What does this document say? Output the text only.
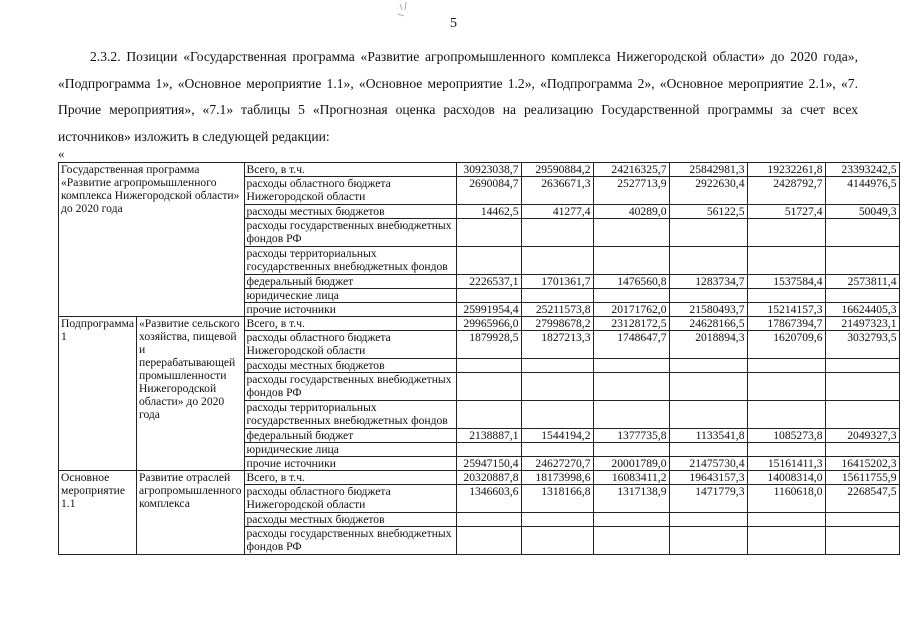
5
2.3.2. Позиции «Государственная программа «Развитие агропромышленного комплекса Нижегородской области» до 2020 года», «Подпрограмма 1», «Основное мероприятие 1.1», «Основное мероприятие 1.2», «Подпрограмма 2», «Основное мероприятие 2.1», «7. Прочие мероприятия», «7.1» таблицы 5 «Прогнозная оценка расходов на реализацию Государственной программы за счет всех источников» изложить в следующей редакции:
«
Государственная программа «Развитие агропромышленного комплекса Нижегородской области» до 2020 года		Всего, в т.ч.	30923038,7	29590884,2	24216325,7	25842981,3	19232261,8	23393242,5
		расходы областного бюджета Нижегородской области	2690084,7	2636671,3	2527713,9	2922630,4	2428792,7	4144976,5
		расходы местных бюджетов	14462,5	41277,4	40289,0	56122,5	51727,4	50049,3
		расходы государственных внебюджетных фондов РФ						
		расходы территориальных государственных внебюджетных фондов						
		федеральный бюджет	2226537,1	1701361,7	1476560,8	1283734,7	1537584,4	2573811,4
		юридические лица						
		прочие источники	25991954,4	25211573,8	20171762,0	21580493,7	15214157,3	16624405,3
Подпрограмма 1	«Развитие сельского хозяйства, пищевой и перерабатывающей промышленности Нижегородской области» до 2020 года	Всего, в т.ч.	29965966,0	27998678,2	23128172,5	24628166,5	17867394,7	21497323,1
		расходы областного бюджета Нижегородской области	1879928,5	1827213,3	1748647,7	2018894,3	1620709,6	3032793,5
		расходы местных бюджетов						
		расходы государственных внебюджетных фондов РФ						
		расходы территориальных государственных внебюджетных фондов						
		федеральный бюджет	2138887,1	1544194,2	1377735,8	1133541,8	1085273,8	2049327,3
		юридические лица						
		прочие источники	25947150,4	24627270,7	20001789,0	21475730,4	15161411,3	16415202,3
Основное мероприятие 1.1	Развитие отраслей агропромышленного комплекса	Всего, в т.ч.	20320887,8	18173998,6	16083411,2	19643157,3	14008314,0	15611755,9
		расходы областного бюджета Нижегородской области	1346603,6	1318166,8	1317138,9	1471779,3	1160618,0	2268547,5
		расходы местных бюджетов						
		расходы государственных внебюджетных фондов РФ						
